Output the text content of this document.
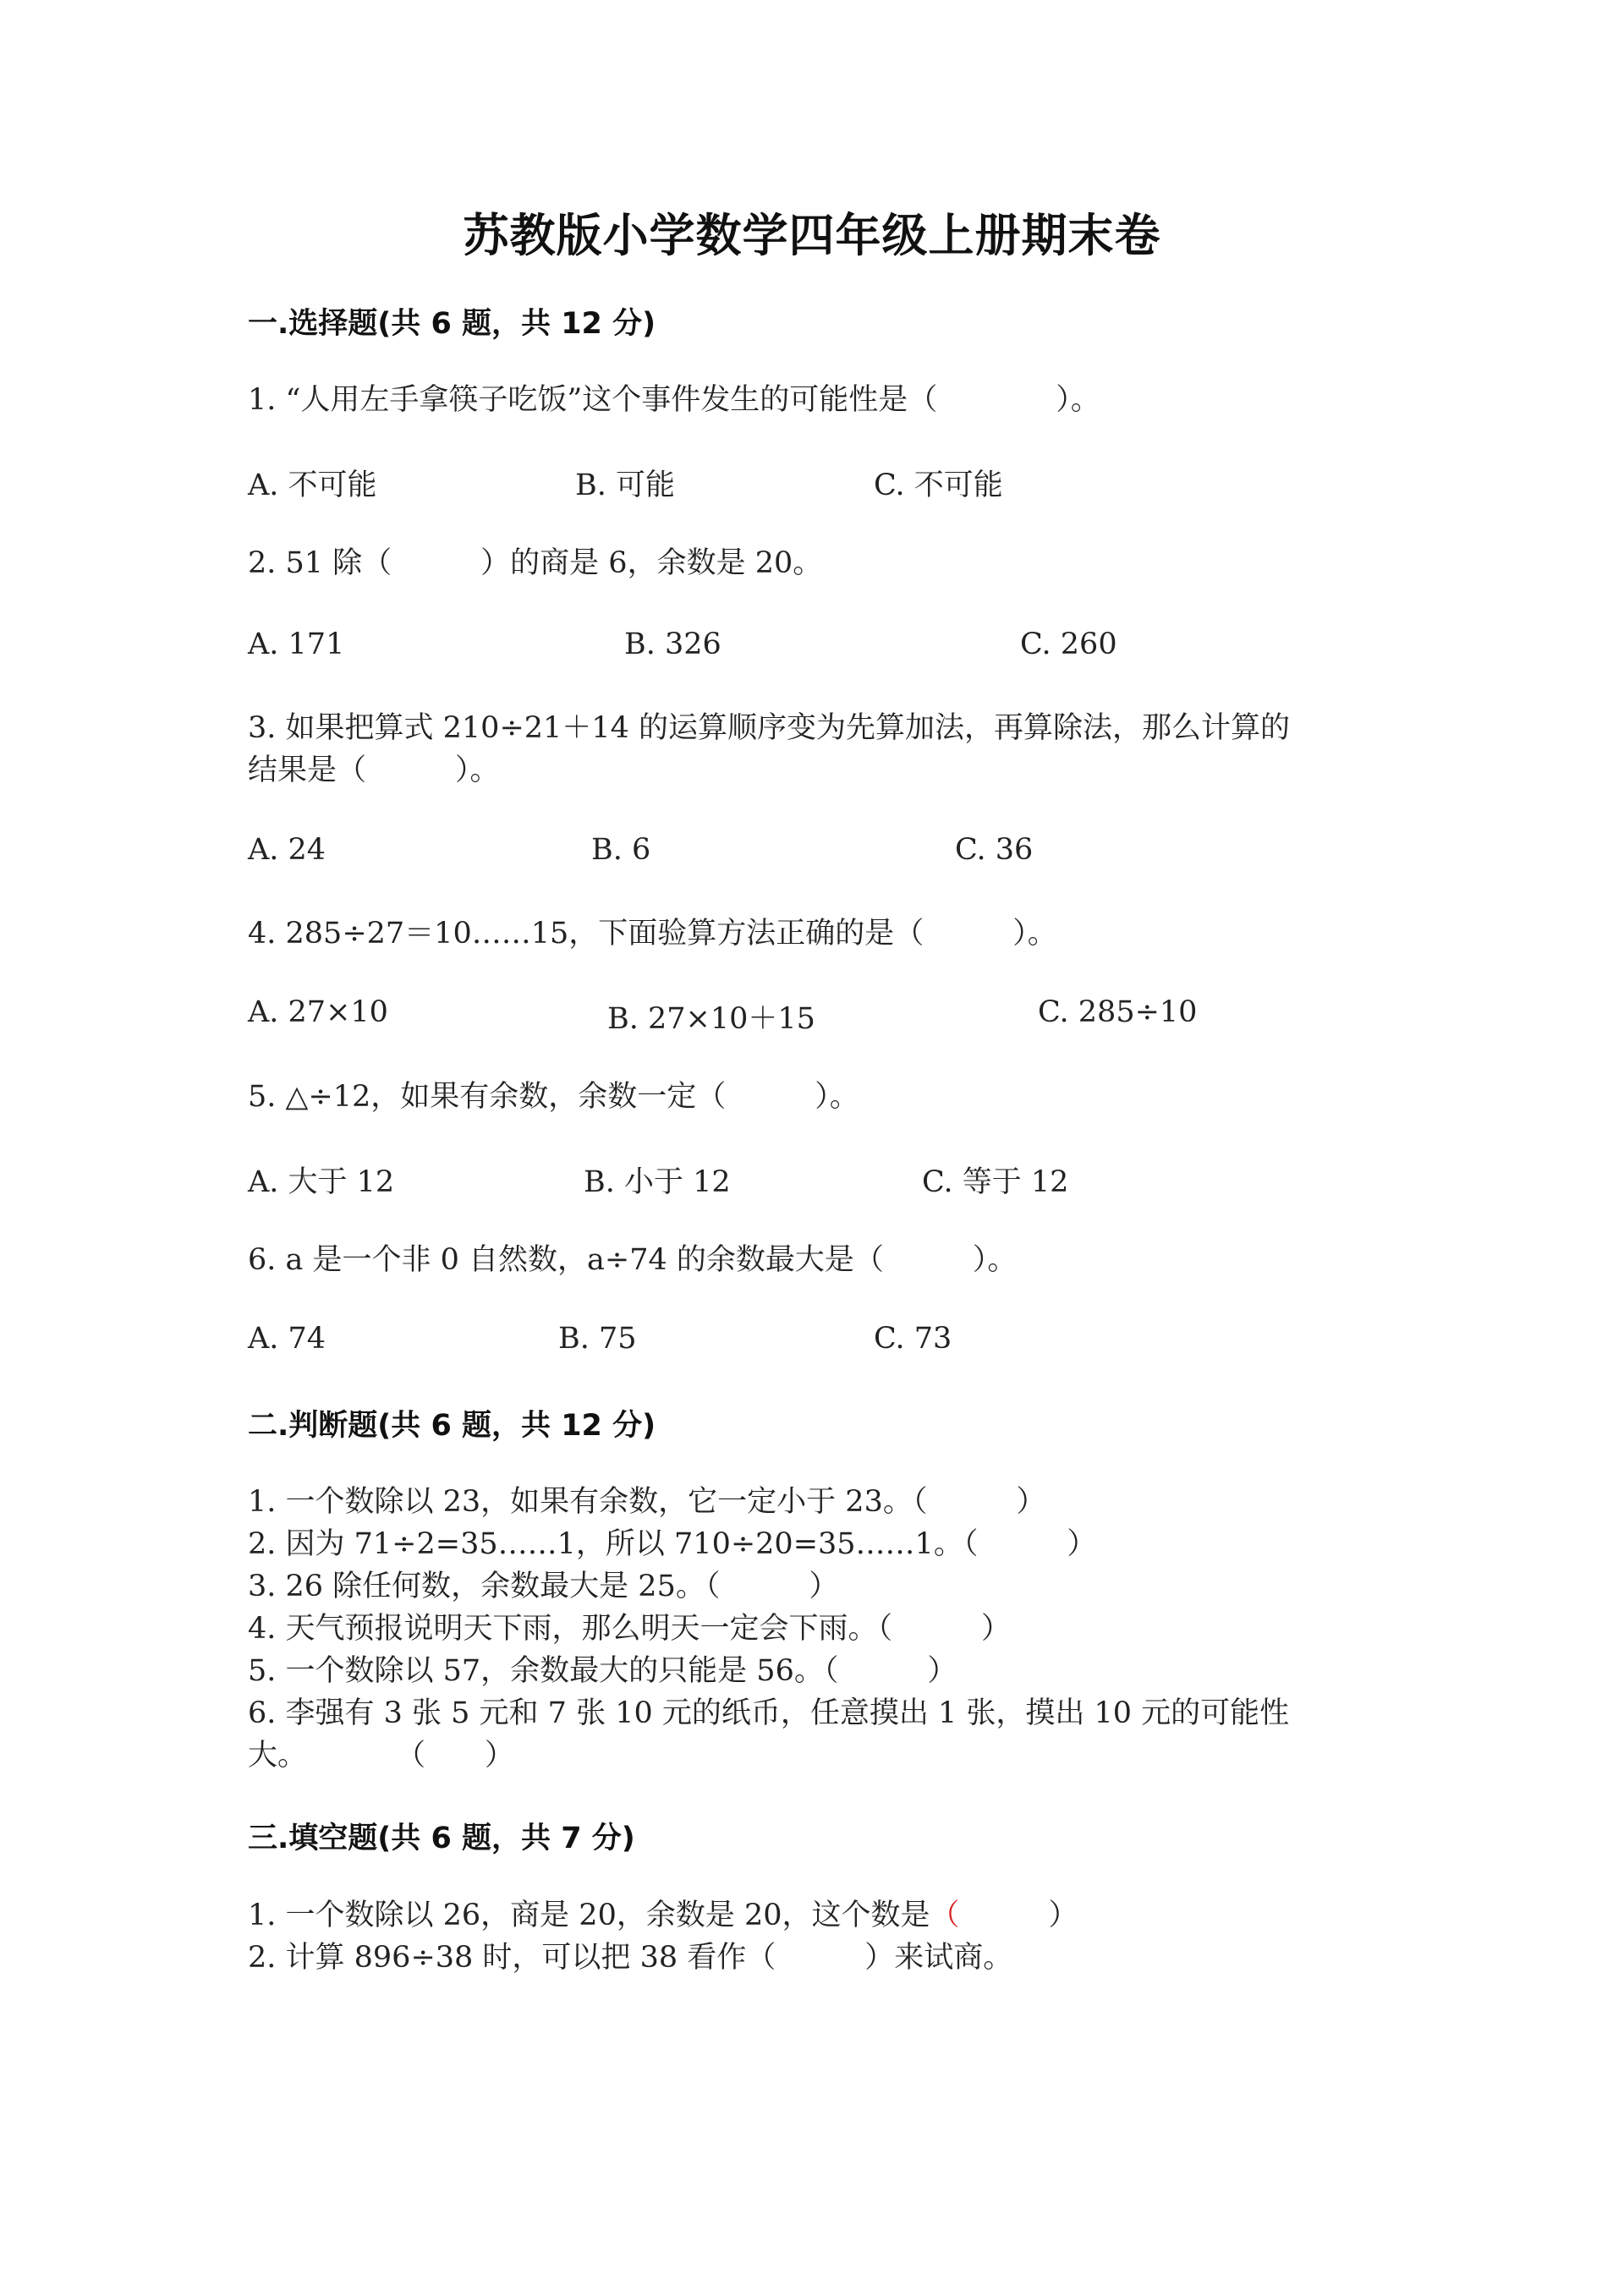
苏教版小学数学四年级上册期末卷
一.选择题(共 6 题，共 12 分)
1. “人用左手拿筷子吃饭”这个事件发生的可能性是（　　　　）。
A. 不可能	B. 可能	C. 不可能
2. 51 除（　　　）的商是 6，余数是 20。
A. 171	B. 326	C. 260
3. 如果把算式 210÷21＋14 的运算顺序变为先算加法，再算除法，那么计算的
结果是（　　　）。
A. 24	B. 6	C. 36
4. 285÷27＝10……15，下面验算方法正确的是（　　　）。
A. 27×10	B. 27×10＋15	C. 285÷10
5. △÷12，如果有余数，余数一定（　　　）。
A. 大于 12	B. 小于 12	C. 等于 12
6. a 是一个非 0 自然数，a÷74 的余数最大是（　　　）。
A. 74	B. 75	C. 73
二.判断题(共 6 题，共 12 分)
1. 一个数除以 23，如果有余数，它一定小于 23。（　　　）
2. 因为 71÷2=35……1，所以 710÷20=35……1。（　　　）
3. 26 除任何数，余数最大是 25。（　　　）
4. 天气预报说明天下雨，那么明天一定会下雨。（　　　）
5. 一个数除以 57，余数最大的只能是 56。（　　　）
6. 李强有 3 张 5 元和 7 张 10 元的纸币，任意摸出 1 张，摸出 10 元的可能性
大。　　　　（　　）
三.填空题(共 6 题，共 7 分)
1. 一个数除以 26，商是 20，余数是 20，这个数是（　　　）
2. 计算 896÷38 时，可以把 38 看作（　　　）来试商。
